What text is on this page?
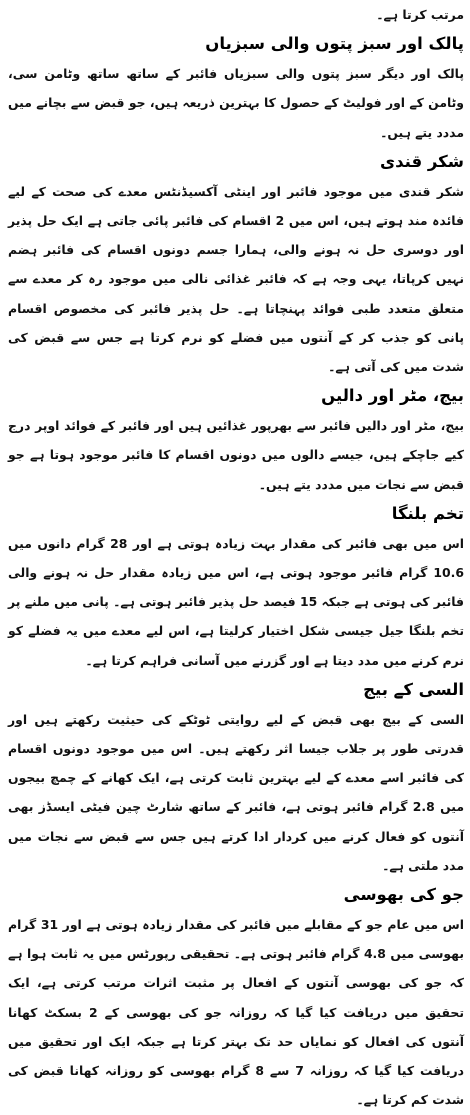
مرتب کرتا ہے۔

پالک اور سبز پتوں والی سبزیاں

پالک اور دیگر سبز پتوں والی سبزیاں فائبر کے ساتھ ساتھ وٹامن سی، وٹامن کے اور فولیٹ کے حصول کا بہترین ذریعہ ہیں، جو قبض سے بچانے میں مددد یتے ہیں۔

شکر قندی

شکر قندی میں موجود فائبر اور اینٹی آکسیڈنٹس معدے کی صحت کے لیے فائدہ مند ہوتے ہیں، اس میں 2 اقسام کی فائبر پائی جاتی ہے ایک حل پذیر اور دوسری حل نہ ہونے والی، ہمارا جسم دونوں اقسام کی فائبر ہضم نہیں کرپاتا، یہی وجہ ہے کہ فائبر غذائی نالی میں موجود رہ کر معدے سے متعلق متعدد طبی فوائد پہنچاتا ہے۔ حل پذیر فائبر کی مخصوص اقسام پانی کو جذب کر کے آنتوں میں فضلے کو نرم کرتا ہے جس سے قبض کی شدت میں کی آتی ہے۔

بیج، مٹر اور دالیں

بیج، مٹر اور دالیں فائبر سے بھرپور غذائیں ہیں اور فائبر کے فوائد اوپر درج کیے جاچکے ہیں، جیسے دالوں میں دونوں اقسام کا فائبر موجود ہوتا ہے جو قبض سے نجات میں مددد یتے ہیں۔

تخم بلنگا

اس میں بھی فائبر کی مقدار بہت زیادہ ہوتی ہے اور 28 گرام دانوں میں 10.6 گرام فائبر موجود ہوتی ہے، اس میں زیادہ مقدار حل نہ ہونے والی فائبر کی ہوتی ہے جبکہ 15 فیصد حل پذیر فائبر ہوتی ہے۔ پانی میں ملنے پر تخم بلنگا جیل جیسی شکل اختیار کرلیتا ہے، اس لیے معدے میں یہ فضلے کو نرم کرنے میں مدد دیتا ہے اور گزرنے میں آسانی فراہم کرتا ہے۔

السی کے بیج

السی کے بیج بھی قبض کے لیے روایتی ٹوٹکے کی حیثیت رکھتے ہیں اور قدرتی طور پر جلاب جیسا اثر رکھتے ہیں۔ اس میں موجود دونوں اقسام کی فائبر اسے معدے کے لیے بہترین ثابت کرتی ہے، ایک کھانے کے چمچ بیجوں میں 2.8 گرام فائبر ہوتی ہے، فائبر کے ساتھ شارٹ چین فیٹی ایسڈز بھی آنتوں کو فعال کرنے میں کردار ادا کرتے ہیں جس سے قبض سے نجات میں مدد ملتی ہے۔

جو کی بھوسی

اس میں عام جو کے مقابلے میں فائبر کی مقدار زیادہ ہوتی ہے اور 31 گرام بھوسی میں 4.8 گرام فائبر ہوتی ہے۔ تحقیقی رپورٹس میں یہ ثابت ہوا ہے کہ جو کی بھوسی آنتوں کے افعال پر مثبت اثرات مرتب کرتی ہے، ایک تحقیق میں دریافت کیا گیا کہ روزانہ جو کی بھوسی کے 2 بسکٹ کھانا آنتوں کی افعال کو نمایاں حد تک بہتر کرتا ہے جبکہ ایک اور تحقیق میں دریافت کیا گیا کہ روزانہ 7 سے 8 گرام بھوسی کو روزانہ کھانا قبض کی شدت کم کرتا ہے۔
